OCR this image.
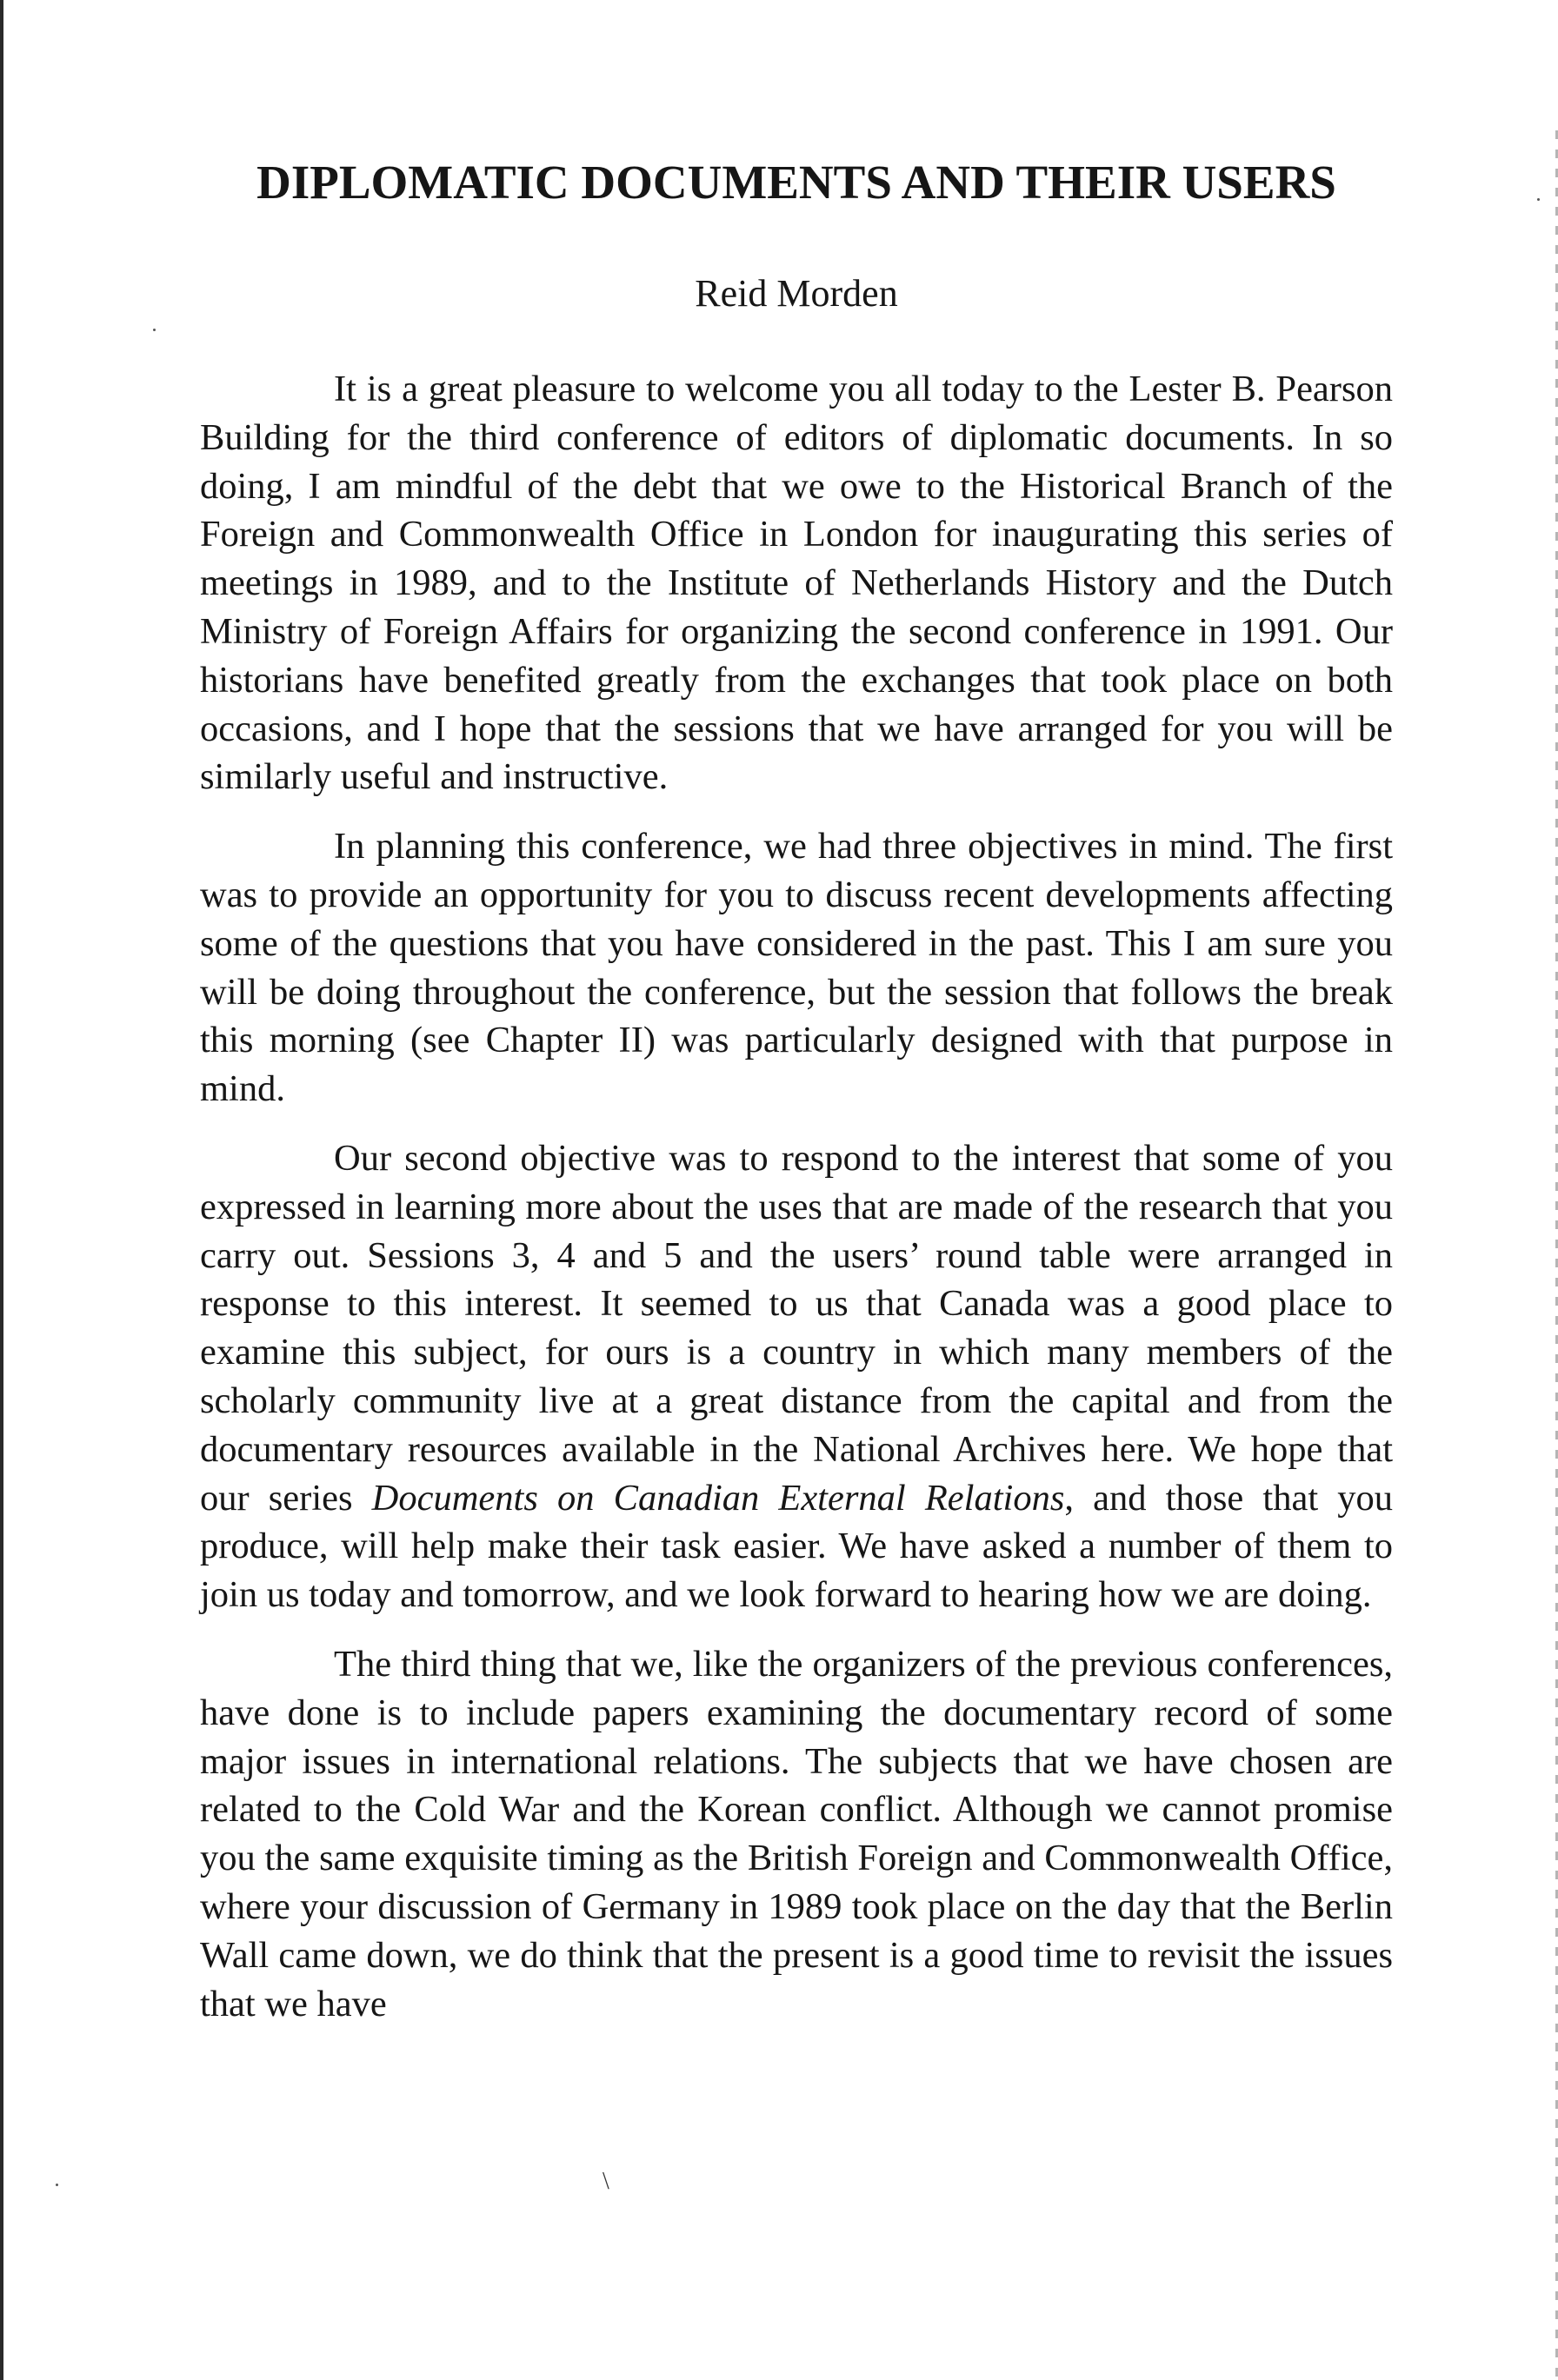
DIPLOMATIC DOCUMENTS AND THEIR USERS
Reid Morden

It is a great pleasure to welcome you all today to the Lester B. Pearson Building for the third conference of editors of diplomatic documents. In so doing, I am mindful of the debt that we owe to the Historical Branch of the Foreign and Commonwealth Office in London for inaugurating this series of meetings in 1989, and to the Institute of Netherlands History and the Dutch Ministry of Foreign Affairs for organizing the second conference in 1991. Our historians have benefited greatly from the exchanges that took place on both occasions, and I hope that the sessions that we have arranged for you will be similarly useful and instructive.

In planning this conference, we had three objectives in mind. The first was to provide an opportunity for you to discuss recent developments affecting some of the questions that you have considered in the past. This I am sure you will be doing throughout the conference, but the session that follows the break this morning (see Chapter II) was particularly designed with that purpose in mind.

Our second objective was to respond to the interest that some of you expressed in learning more about the uses that are made of the research that you carry out. Sessions 3, 4 and 5 and the users’ round table were arranged in response to this interest. It seemed to us that Canada was a good place to examine this subject, for ours is a country in which many members of the scholarly community live at a great distance from the capital and from the documentary resources available in the National Archives here. We hope that our series Documents on Canadian External Relations, and those that you produce, will help make their task easier. We have asked a number of them to join us today and tomorrow, and we look forward to hearing how we are doing.

The third thing that we, like the organizers of the previous conferences, have done is to include papers examining the documentary record of some major issues in international relations. The subjects that we have chosen are related to the Cold War and the Korean conflict. Although we cannot promise you the same exquisite timing as the British Foreign and Commonwealth Office, where your discussion of Germany in 1989 took place on the day that the Berlin Wall came down, we do think that the present is a good time to revisit the issues that we have

\
